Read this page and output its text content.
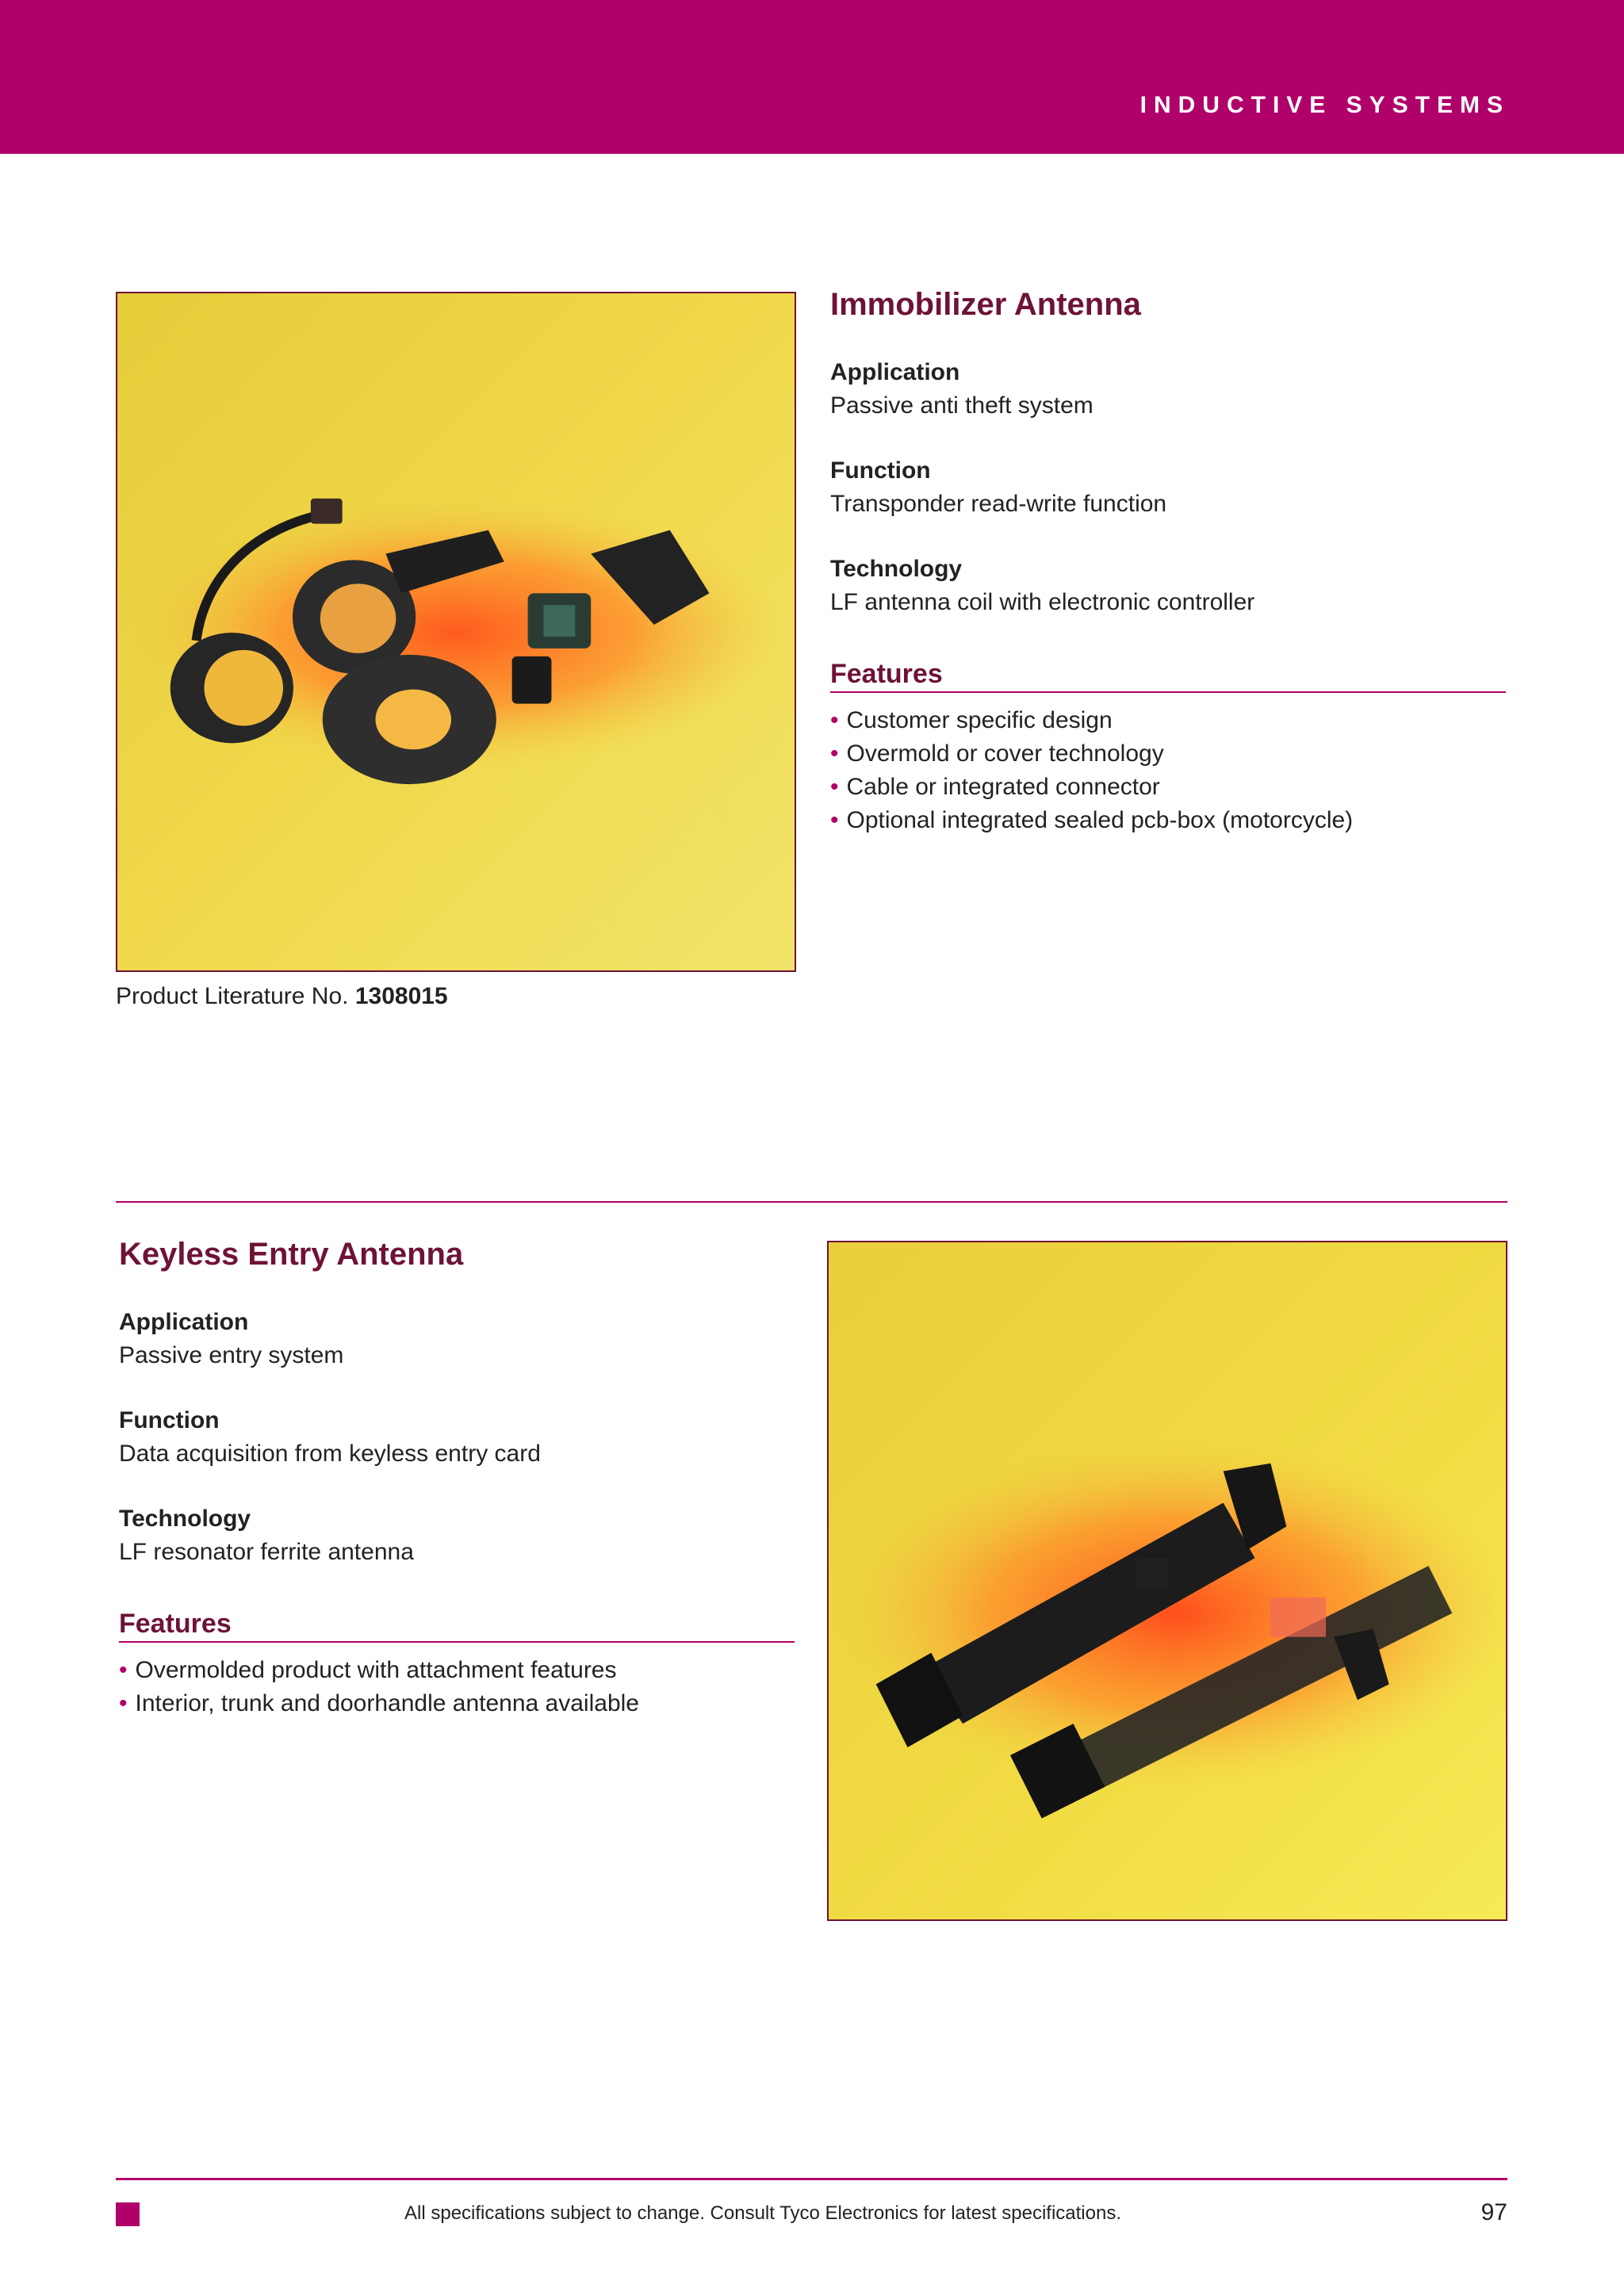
INDUCTIVE SYSTEMS
Product Literature No. 1308015
Immobilizer Antenna
Application
Passive anti theft system
Function
Transponder read-write function
Technology
LF antenna coil with electronic controller
Features
• Customer specific design
• Overmold or cover technology
• Cable or integrated connector
• Optional integrated sealed pcb-box (motorcycle)
Keyless Entry Antenna
Application
Passive entry system
Function
Data acquisition from keyless entry card
Technology
LF resonator ferrite antenna
Features
• Overmolded product with attachment features
• Interior, trunk and doorhandle antenna available
All specifications subject to change. Consult Tyco Electronics for latest specifications.	97
